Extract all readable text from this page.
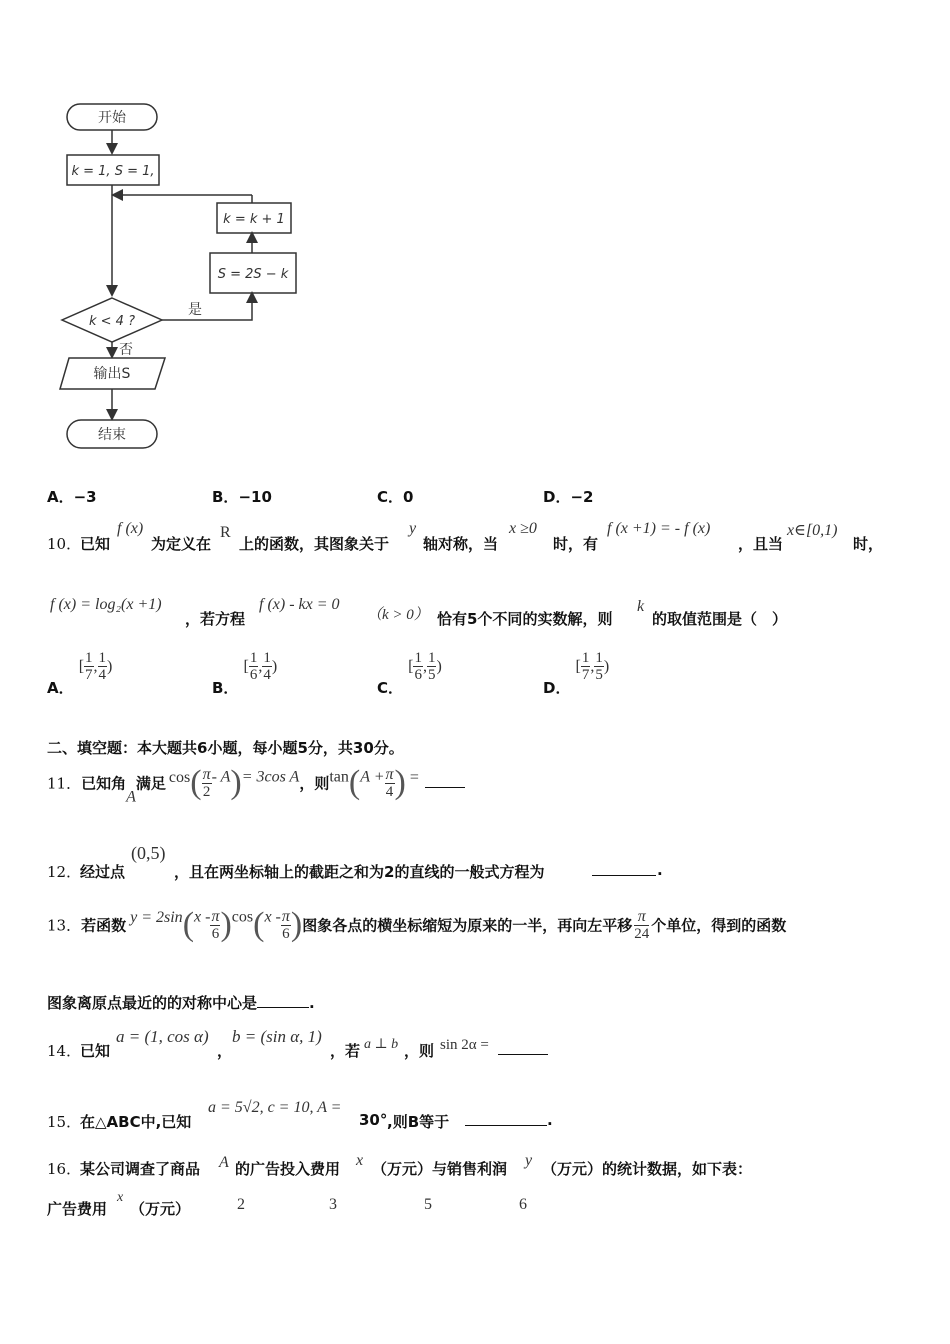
开始
k = 1, S = 1,
k = k + 1
S = 2S − k
k < 4 ?
是
否
输出S
结束
A．−3	B．−10	C．0	D．−2
10．
已知
f (x)
为定义在
R
上的函数，其图象关于
y
轴对称，当
x ≥0
时，有
f (x +1) = - f (x)
，且当
x∈[0,1)
时，
f (x) = log₂(x +1)
，若方程
f (x) - kx = 0
（k > 0） 恰有5个不同的实数解，则
k
的取值范围是（　）
A． [ $\frac{1}{7}$ , $\frac{1}{4}$ )
B． [ $\frac{1}{6}$ , $\frac{1}{4}$ )
C． [ $\frac{1}{6}$ , $\frac{1}{5}$ )
D． [ $\frac{1}{7}$ , $\frac{1}{5}$ )
二、填空题：本大题共6小题，每小题5分，共30分。
11．已知角A满足 $\cos( \frac{\pi}{2} - A)= 3\cos$ A，则$\tan(A + \frac{\pi}{4}$ ) =
12．
经过点
(0,5)
，且在两坐标轴上的截距之和为2的直线的一般式方程为	.
13．若函数 $y = 2\sin(x - \frac{\pi}{6} )\cos(x - \frac{\pi}{6}$ )图象各点的横坐标缩短为原来的一半，再向左平移 $\frac{\pi}{24}$ 个单位，得到的函数
图象离原点最近的的对称中心是	.
14．
已知
a = (1, cos α)
，
b = (sin α, 1)
，若 a ⊥ b ，则 sin 2α =
15．
在△ABC中,已知
a = 5√2, c = 10, A =
30° ,则B等于	.
16．
某公司调查了商品 A 的广告投入费用 x （万元）与销售利润 y （万元）的统计数据，如下表：
广告费用
x
（万元）	2	3	5	6
